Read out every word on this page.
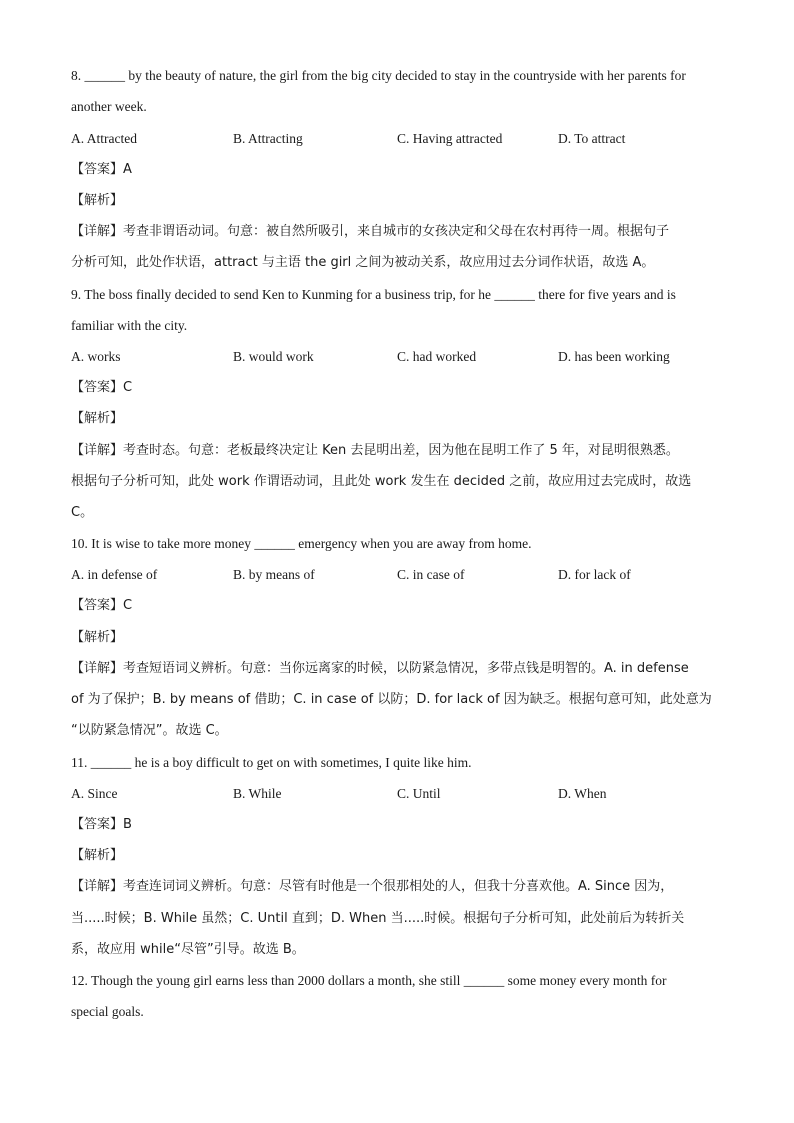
8. ______ by the beauty of nature, the girl from the big city decided to stay in the countryside with her parents for
another week.
A. Attracted	B. Attracting	C. Having attracted	D. To attract
【答案】A
【解析】
【详解】考查非谓语动词。句意：被自然所吸引，来自城市的女孩决定和父母在农村再待一周。根据句子
分析可知，此处作状语，attract 与主语 the girl 之间为被动关系，故应用过去分词作状语，故选 A。
9. The boss finally decided to send Ken to Kunming for a business trip, for he ______ there for five years and is
familiar with the city.
A. works	B. would work	C. had worked	D. has been working
【答案】C
【解析】
【详解】考查时态。句意：老板最终决定让 Ken 去昆明出差，因为他在昆明工作了 5 年，对昆明很熟悉。
根据句子分析可知，此处 work 作谓语动词，且此处 work 发生在 decided 之前，故应用过去完成时，故选
C。
10. It is wise to take more money ______ emergency when you are away from home.
A. in defense of	B. by means of	C. in case of	D. for lack of
【答案】C
【解析】
【详解】考查短语词义辨析。句意：当你远离家的时候，以防紧急情况，多带点钱是明智的。A. in defense
of 为了保护；B. by means of 借助；C. in case of 以防；D. for lack of 因为缺乏。根据句意可知，此处意为
“以防紧急情况”。故选 C。
11. ______ he is a boy difficult to get on with sometimes, I quite like him.
A. Since	B. While	C. Until	D. When
【答案】B
【解析】
【详解】考查连词词义辨析。句意：尽管有时他是一个很那相处的人，但我十分喜欢他。A. Since 因为，
当.....时候；B. While 虽然；C. Until 直到；D. When 当.....时候。根据句子分析可知，此处前后为转折关
系，故应用 while“尽管”引导。故选 B。
12. Though the young girl earns less than 2000 dollars a month, she still ______ some money every month for
special goals.
